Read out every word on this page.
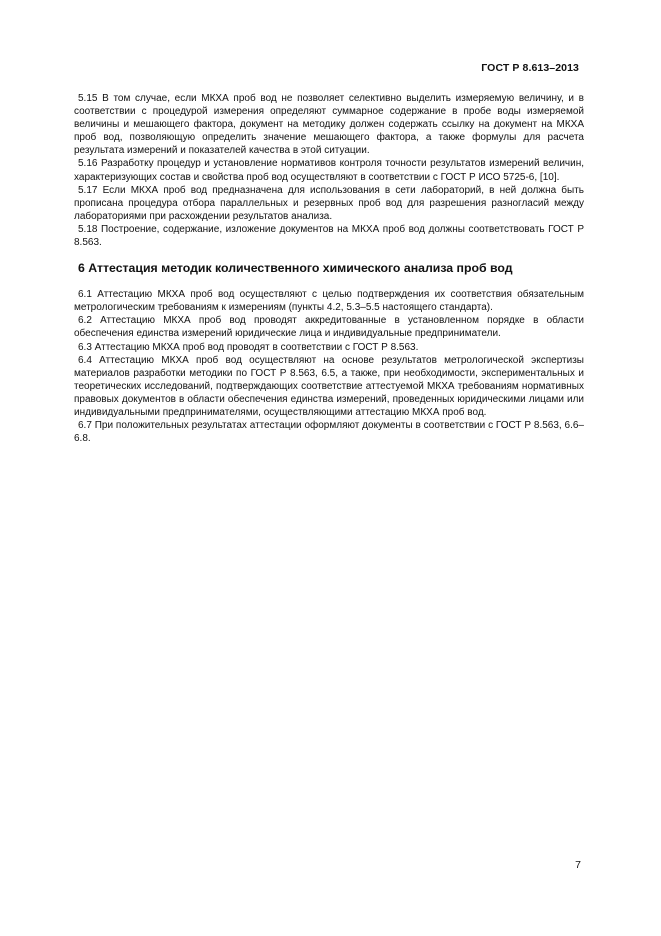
ГОСТ Р 8.613–2013

5.15 В том случае, если МКХА проб вод не позволяет селективно выделить измеряемую величину, и в соответствии с процедурой измерения определяют суммарное содержание в пробе воды измеряемой величины и мешающего фактора, документ на методику должен содержать ссылку на документ на МКХА проб вод, позволяющую определить значение мешающего фактора, а также формулы для расчета результата измерений и показателей качества в этой ситуации.

5.16 Разработку процедур и установление нормативов контроля точности результатов измерений величин, характеризующих состав и свойства проб вод осуществляют в соответствии с ГОСТ Р ИСО 5725-6, [10].

5.17 Если МКХА проб вод предназначена для использования в сети лабораторий, в ней должна быть прописана процедура отбора параллельных и резервных проб вод для разрешения разногласий между лабораториями при расхождении результатов анализа.

5.18 Построение, содержание, изложение документов на МКХА проб вод должны соответствовать ГОСТ Р 8.563.

6 Аттестация методик количественного химического анализа проб вод

6.1 Аттестацию МКХА проб вод осуществляют с целью подтверждения их соответствия обязательным метрологическим требованиям к измерениям (пункты 4.2, 5.3–5.5 настоящего стандарта).

6.2 Аттестацию МКХА проб вод проводят аккредитованные в установленном порядке в области обеспечения единства измерений юридические лица и индивидуальные предприниматели.

6.3 Аттестацию МКХА проб вод проводят в соответствии с ГОСТ Р 8.563.

6.4 Аттестацию МКХА проб вод осуществляют на основе результатов метрологической экспертизы материалов разработки методики по ГОСТ Р 8.563, 6.5, а также, при необходимости, экспериментальных и теоретических исследований, подтверждающих соответствие аттестуемой МКХА требованиям нормативных правовых документов в области обеспечения единства измерений, проведенных юридическими лицами или индивидуальными предпринимателями, осуществляющими аттестацию МКХА проб вод.

6.7 При положительных результатах аттестации оформляют документы в соответствии с ГОСТ Р 8.563, 6.6–6.8.

7
